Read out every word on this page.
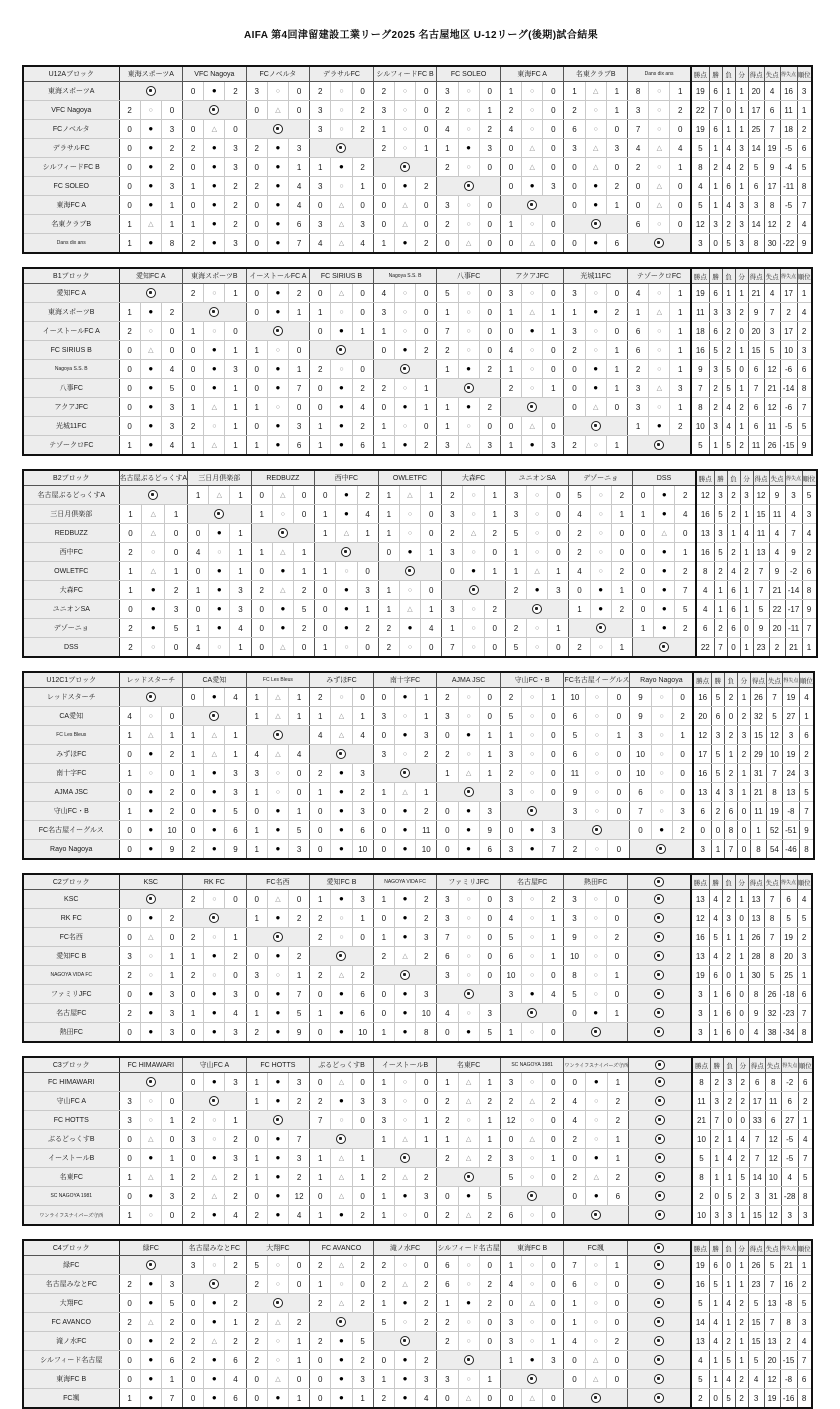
AIFA 第4回津留建設工業リーグ2025 名古屋地区 U-12リーグ(後期)試合結果
U12Aブロック	東海スポーツA			VFC Nagoya			FCノベルタ			デラサルFC			シルフィードFC B			FC SOLEO			東海FC A			名東クラブB			Dans dix ans			勝点	勝	負	分	得点	失点	得失点	順位
東海スポーツA				0	●	2	3	○	0	2	○	0	2	○	0	3	○	0	1	○	0	1	△	1	8	○	1	19	6	1	1	20	4	16	3
VFC Nagoya	2	○	0				0	△	0	3	○	2	3	○	0	2	○	1	2	○	0	2	○	1	3	○	2	22	7	0	1	17	6	11	1
FCノベルタ	0	●	3	0	△	0				3	○	2	1	○	0	4	○	2	4	○	0	6	○	0	7	○	0	19	6	1	1	25	7	18	2
デラサルFC	0	●	2	2	●	3	2	●	3				2	○	1	1	●	3	0	△	0	3	△	3	4	△	4	5	1	4	3	14	19	-5	6
シルフィードFC B	0	●	2	0	●	3	0	●	1	1	●	2				2	○	0	0	△	0	0	△	0	2	○	1	8	2	4	2	5	9	-4	5
FC SOLEO	0	●	3	1	●	2	2	●	4	3	○	1	0	●	2				0	●	3	0	●	2	0	△	0	4	1	6	1	6	17	-11	8
東海FC A	0	●	1	0	●	2	0	●	4	0	△	0	0	△	0	3	○	0				0	●	1	0	△	0	5	1	4	3	3	8	-5	7
名東クラブB	1	△	1	1	●	2	0	●	6	3	△	3	0	△	0	2	○	0	1	○	0				6	○	0	12	3	2	3	14	12	2	4
Dans dix ans	1	●	8	2	●	3	0	●	7	4	△	4	1	●	2	0	△	0	0	△	0	0	●	6				3	0	5	3	8	30	-22	9
B1ブロック	愛知FC A			東海スポーツB			イーストールFC A			FC SIRIUS B			Nagoya S.S. B			八事FC			アクアJFC			光城11FC			テゾークロFC			勝点	勝	負	分	得点	失点	得失点	順位
愛知FC A				2	○	1	0	●	2	0	△	0	4	○	0	5	○	0	3	○	0	3	○	0	4	○	1	19	6	1	1	21	4	17	1
東海スポーツB	1	●	2				0	●	1	1	○	0	3	○	0	1	○	0	1	△	1	1	●	2	1	△	1	11	3	3	2	9	7	2	4
イーストールFC A	2	○	0	1	○	0				0	●	1	1	○	0	7	○	0	0	●	1	3	○	0	6	○	1	18	6	2	0	20	3	17	2
FC SIRIUS B	0	△	0	0	●	1	1	○	0				0	●	2	2	○	0	4	○	0	2	○	1	6	○	1	16	5	2	1	15	5	10	3
Nagoya S.S. B	0	●	4	0	●	3	0	●	1	2	○	0				1	●	2	1	○	0	0	●	1	2	○	1	9	3	5	0	6	12	-6	6
八事FC	0	●	5	0	●	1	0	●	7	0	●	2	2	○	1				2	○	1	0	●	1	3	△	3	7	2	5	1	7	21	-14	8
アクアJFC	0	●	3	1	△	1	1	○	0	0	●	4	0	●	1	1	●	2				0	△	0	3	○	1	8	2	4	2	6	12	-6	7
光城11FC	0	●	3	2	○	1	0	●	3	1	●	2	1	○	0	1	○	0	0	△	0				1	●	2	10	3	4	1	6	11	-5	5
テゾークロFC	1	●	4	1	△	1	1	●	6	1	●	6	1	●	2	3	△	3	1	●	3	2	○	1				5	1	5	2	11	26	-15	9
B2ブロック	名古屋ぶるどっくすA			三日月倶楽部			REDBUZZ			西中FC			OWLETFC			大森FC			ユニオンSA			デゾーニョ			DSS			勝点	勝	負	分	得点	失点	得失点	順位
名古屋ぶるどっくすA				1	△	1	0	△	0	0	●	2	1	△	1	2	○	1	3	○	0	5	○	2	0	●	2	12	3	2	3	12	9	3	5
三日月倶楽部	1	△	1				1	○	0	1	●	4	1	○	0	3	○	1	3	○	0	4	○	1	1	●	4	16	5	2	1	15	11	4	3
REDBUZZ	0	△	0	0	●	1				1	△	1	1	○	0	2	△	2	5	○	0	2	○	0	0	△	0	13	3	1	4	11	4	7	4
西中FC	2	○	0	4	○	1	1	△	1				0	●	1	3	○	0	1	○	0	2	○	0	0	●	1	16	5	2	1	13	4	9	2
OWLETFC	1	△	1	0	●	1	0	●	1	1	○	0				0	●	1	1	△	1	4	○	2	0	●	2	8	2	4	2	7	9	-2	6
大森FC	1	●	2	1	●	3	2	△	2	0	●	3	1	○	0				2	●	3	0	●	1	0	●	7	4	1	6	1	7	21	-14	8
ユニオンSA	0	●	3	0	●	3	0	●	5	0	●	1	1	△	1	3	○	2				1	●	2	0	●	5	4	1	6	1	5	22	-17	9
デゾーニョ	2	●	5	1	●	4	0	●	2	0	●	2	2	●	4	1	○	0	2	○	1				1	●	2	6	2	6	0	9	20	-11	7
DSS	2	○	0	4	○	1	0	△	0	1	○	0	2	○	0	7	○	0	5	○	0	2	○	1				22	7	0	1	23	2	21	1
U12C1ブロック	レッドスターチ			CA愛知			FC Les Bleus			みずほFC			南十字FC			AJMA JSC			守山FC・B			FC名古屋イーグルス			Rayo Nagoya			勝点	勝	負	分	得点	失点	得失点	順位
レッドスターチ				0	●	4	1	△	1	2	○	0	0	●	1	2	○	0	2	○	1	10	○	0	9	○	0	16	5	2	1	26	7	19	4
CA愛知	4	○	0				1	△	1	1	△	1	3	○	1	3	○	0	5	○	0	6	○	0	9	○	2	20	6	0	2	32	5	27	1
FC Les Bleus	1	△	1	1	△	1				4	△	4	0	●	3	0	●	1	1	○	0	5	○	1	3	○	1	12	3	2	3	15	12	3	6
みずほFC	0	●	2	1	△	1	4	△	4				3	○	2	2	○	1	3	○	0	6	○	0	10	○	0	17	5	1	2	29	10	19	2
南十字FC	1	○	0	1	●	3	3	○	0	2	●	3				1	△	1	2	○	0	11	○	0	10	○	0	16	5	2	1	31	7	24	3
AJMA JSC	0	●	2	0	●	3	1	○	0	1	●	2	1	△	1				3	○	0	9	○	0	6	○	0	13	4	3	1	21	8	13	5
守山FC・B	1	●	2	0	●	5	0	●	1	0	●	3	0	●	2	0	●	3				3	○	0	7	○	3	6	2	6	0	11	19	-8	7
FC名古屋イーグルス	0	●	10	0	●	6	1	●	5	0	●	6	0	●	11	0	●	9	0	●	3				0	●	2	0	0	8	0	1	52	-51	9
Rayo Nagoya	0	●	9	2	●	9	1	●	3	0	●	10	0	●	10	0	●	6	3	●	7	2	○	0				3	1	7	0	8	54	-46	8
C2ブロック	KSC			RK FC			FC名西			愛知FC B			NAGOYA VIDA FC			ファミリJFC			名古屋FC			熱田FC				勝点	勝	負	分	得点	失点	得失点	順位
KSC				2	○	0	0	△	0	1	●	3	1	●	2	3	○	0	3	○	2	3	○	0		13	4	2	1	13	7	6	4
RK FC	0	●	2				1	●	2	2	○	1	0	●	2	3	○	0	4	○	1	3	○	0		12	4	3	0	13	8	5	5
FC名西	0	△	0	2	○	1				2	○	0	1	●	3	7	○	0	5	○	1	9	○	2		16	5	1	1	26	7	19	2
愛知FC B	3	○	1	1	●	2	0	●	2				2	△	2	6	○	0	6	○	1	10	○	0		13	4	2	1	28	8	20	3
NAGOYA VIDA FC	2	○	1	2	○	0	3	○	1	2	△	2				3	○	0	10	○	0	8	○	1		19	6	0	1	30	5	25	1
ファミリJFC	0	●	3	0	●	3	0	●	7	0	●	6	0	●	3				3	●	4	5	○	0		3	1	6	0	8	26	-18	6
名古屋FC	2	●	3	1	●	4	1	●	5	1	●	6	0	●	10	4	○	3				0	●	1		3	1	6	0	9	32	-23	7
熱田FC	0	●	3	0	●	3	2	●	9	0	●	10	1	●	8	0	●	5	1	○	0					3	1	6	0	4	38	-34	8
C3ブロック	FC HIMAWARI			守山FC A			FC HOTTS			ぶるどっくすB			イーストールB			名東FC			SC NAGOYA 1981			ワンライフスナイパーズ守西				勝点	勝	負	分	得点	失点	得失点	順位
FC HIMAWARI				0	●	3	1	●	3	0	△	0	1	○	0	1	△	1	3	○	0	0	●	1		8	2	3	2	6	8	-2	6
守山FC A	3	○	0				1	●	2	2	●	3	3	○	0	2	△	2	2	△	2	4	○	2		11	3	2	2	17	11	6	2
FC HOTTS	3	○	1	2	○	1				7	○	0	3	○	1	2	○	1	12	○	0	4	○	2		21	7	0	0	33	6	27	1
ぶるどっくすB	0	△	0	3	○	2	0	●	7				1	△	1	1	△	1	0	△	0	2	○	1		10	2	1	4	7	12	-5	4
イーストールB	0	●	1	0	●	3	1	●	3	1	△	1				2	△	2	3	○	1	0	●	1		5	1	4	2	7	12	-5	7
名東FC	1	△	1	2	△	2	1	●	2	1	△	1	2	△	2				5	○	0	2	△	2		8	1	1	5	14	10	4	5
SC NAGOYA 1981	0	●	3	2	△	2	0	●	12	0	△	0	1	●	3	0	●	5				0	●	6		2	0	5	2	3	31	-28	8
ワンライフスナイパーズ守西	1	○	0	2	●	4	2	●	4	1	●	2	1	○	0	2	△	2	6	○	0					10	3	3	1	15	12	3	3
C4ブロック	緑FC			名古屋みなとFC			大翔FC			FC AVANCO			滝ノ水FC			シルフィード名古屋			東海FC B			FC颯				勝点	勝	負	分	得点	失点	得失点	順位
緑FC				3	○	2	5	○	0	2	△	2	2	○	0	6	○	0	1	○	0	7	○	1		19	6	0	1	26	5	21	1
名古屋みなとFC	2	●	3				2	○	0	1	○	0	2	△	2	6	○	2	4	○	0	6	○	0		16	5	1	1	23	7	16	2
大翔FC	0	●	5	0	●	2				2	△	2	1	●	2	1	●	2	0	△	0	1	○	0		5	1	4	2	5	13	-8	5
FC AVANCO	2	△	2	0	●	1	2	△	2				5	○	2	2	○	0	3	○	0	1	○	0		14	4	1	2	15	7	8	3
滝ノ水FC	0	●	2	2	△	2	2	○	1	2	●	5				2	○	0	3	○	1	4	○	2		13	4	2	1	15	13	2	4
シルフィード名古屋	0	●	6	2	●	6	2	○	1	0	●	2	0	●	2				1	●	3	0	△	0		4	1	5	1	5	20	-15	7
東海FC B	0	●	1	0	●	4	0	△	0	0	●	3	1	●	3	3	○	1				0	△	0		5	1	4	2	4	12	-8	6
FC颯	1	●	7	0	●	6	0	●	1	0	●	1	2	●	4	0	△	0	0	△	0					2	0	5	2	3	19	-16	8
